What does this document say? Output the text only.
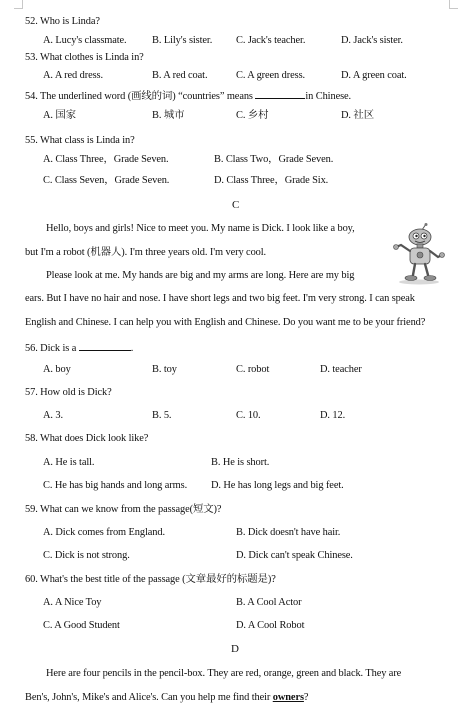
52. Who is Linda?
A. Lucy's classmate. B. Lily's sister. C. Jack's teacher.	D. Jack's sister.
53. What clothes is Linda in?
A. A red dress.	B. A red coat.	C. A green dress.	D. A green coat.
54. The underlined word (画线的词) “countries” means	in Chinese.
A. 国家	B. 城市	C. 乡村	D. 社区
55. What class is Linda in?
A. Class Three，Grade Seven.	B. Class Two，Grade Seven.
C. Class Seven，Grade Seven.	D. Class Three，Grade Six.
C
Hello, boys and girls! Nice to meet you. My name is Dick. I look like a boy,
but I'm a robot (机器人). I'm three years old. I'm very cool.
Please look at me. My hands are big and my arms are long. Here are my big
ears. But I have no hair and nose. I have short legs and two big feet. I'm very strong. I can speak
English and Chinese. I can help you with English and Chinese. Do you want me to be your friend?
56. Dick is a	.
A. boy	B. toy	C. robot	D. teacher
57. How old is Dick?
A. 3.	B. 5.	C. 10.	D. 12.
58. What does Dick look like?
A. He is tall.	B. He is short.
C. He has big hands and long arms. D. He has long legs and big feet.
59. What can we know from the passage(短文)?
A. Dick comes from England.	B. Dick doesn't have hair.
C. Dick is not strong.	D. Dick can't speak Chinese.
60. What's the best title of the passage (文章最好的标题是)?
A. A Nice Toy	B. A Cool Actor
C. A Good Student	D. A Cool Robot
D
Here are four pencils in the pencil-box. They are red, orange, green and black. They are
Ben's, John's, Mike's and Alice's. Can you help me find their owners?
